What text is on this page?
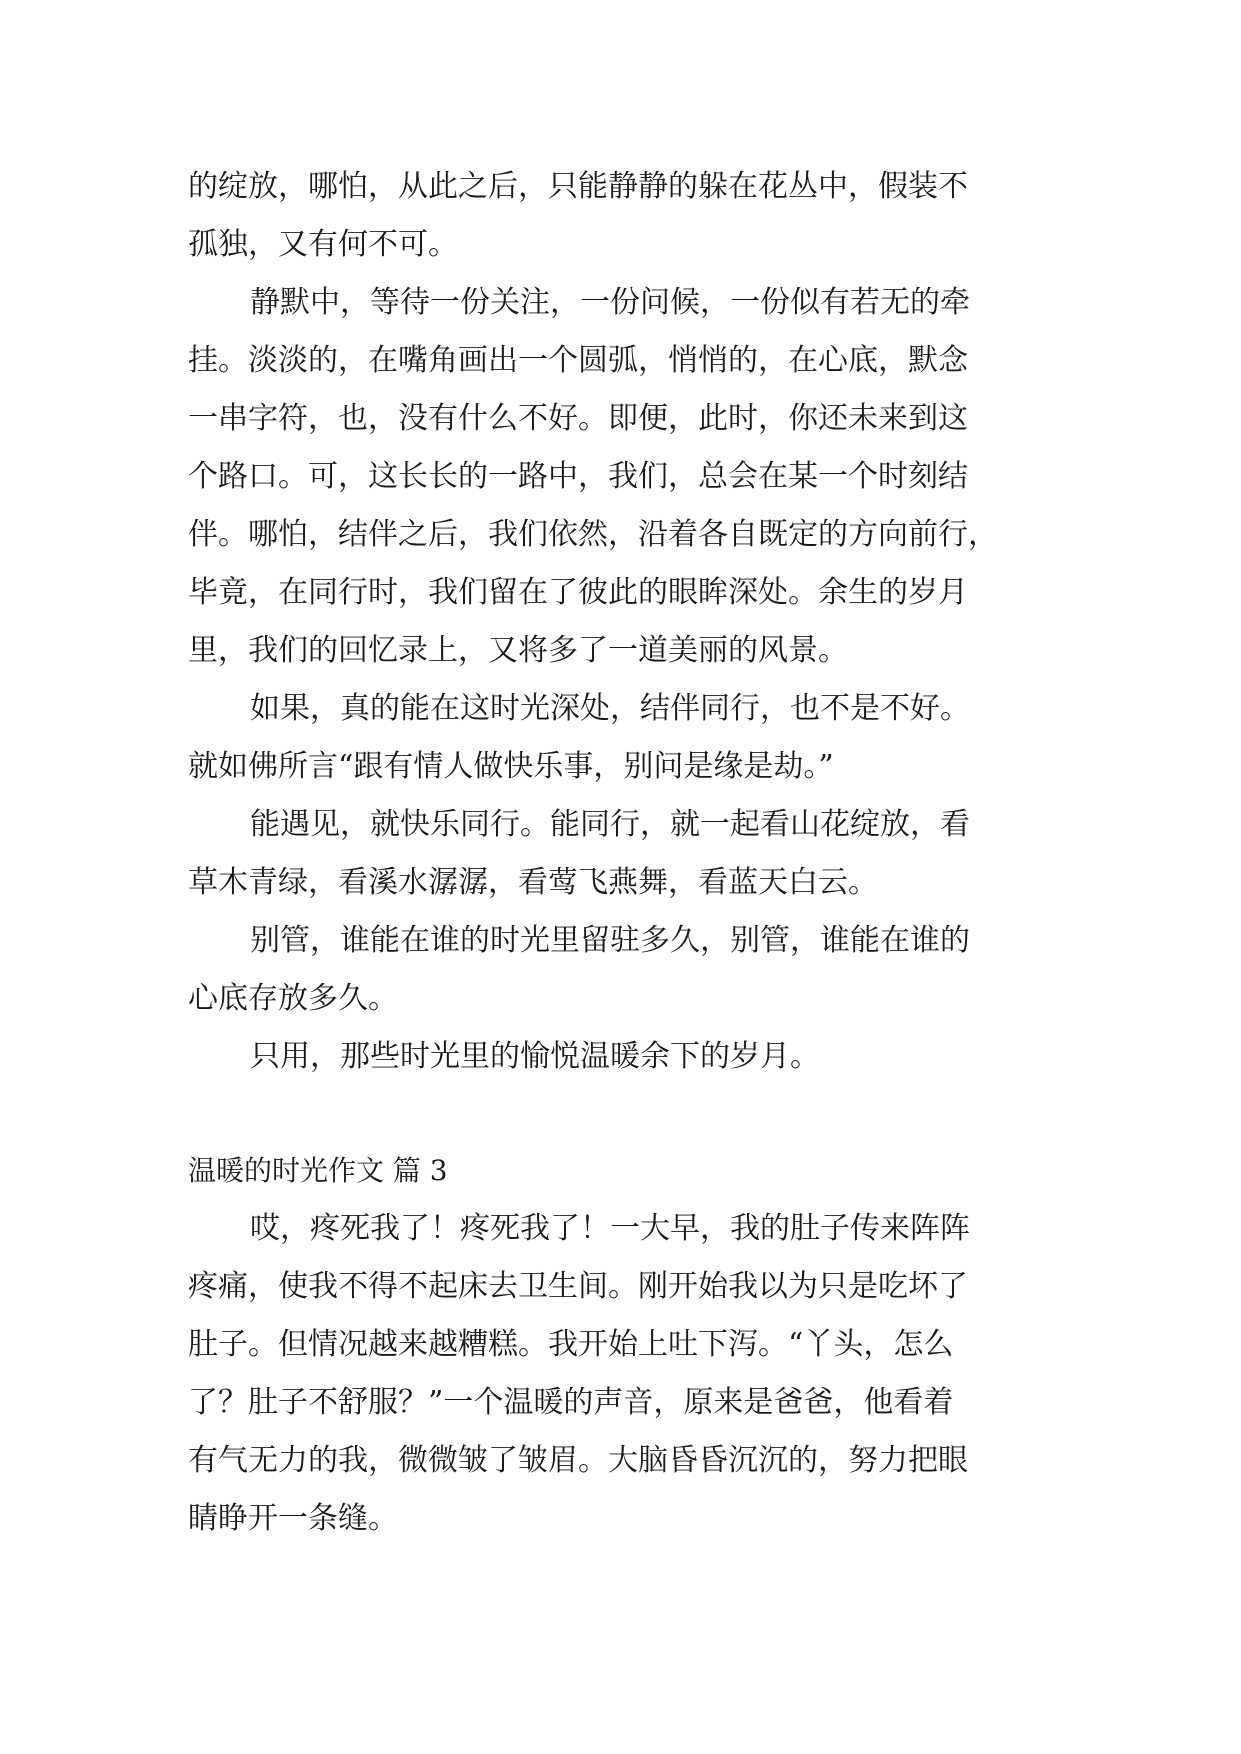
的绽放，哪怕，从此之后，只能静静的躲在花丛中，假装不
孤独，又有何不可。
静默中，等待一份关注，一份问候，一份似有若无的牵
挂。淡淡的，在嘴角画出一个圆弧，悄悄的，在心底，默念
一串字符，也，没有什么不好。即便，此时，你还未来到这
个路口。可，这长长的一路中，我们，总会在某一个时刻结
伴。哪怕，结伴之后，我们依然，沿着各自既定的方向前行，
毕竟，在同行时，我们留在了彼此的眼眸深处。余生的岁月
里，我们的回忆录上，又将多了一道美丽的风景。
如果，真的能在这时光深处，结伴同行，也不是不好。
就如佛所言“跟有情人做快乐事，别问是缘是劫。”
能遇见，就快乐同行。能同行，就一起看山花绽放，看
草木青绿，看溪水潺潺，看莺飞燕舞，看蓝天白云。
别管，谁能在谁的时光里留驻多久，别管，谁能在谁的
心底存放多久。
只用，那些时光里的愉悦温暖余下的岁月。
温暖的时光作文 篇 3
哎，疼死我了！疼死我了！一大早，我的肚子传来阵阵
疼痛，使我不得不起床去卫生间。刚开始我以为只是吃坏了
肚子。但情况越来越糟糕。我开始上吐下泻。“丫头，怎么
了？肚子不舒服？”一个温暖的声音，原来是爸爸，他看着
有气无力的我，微微皱了皱眉。大脑昏昏沉沉的，努力把眼
睛睁开一条缝。
